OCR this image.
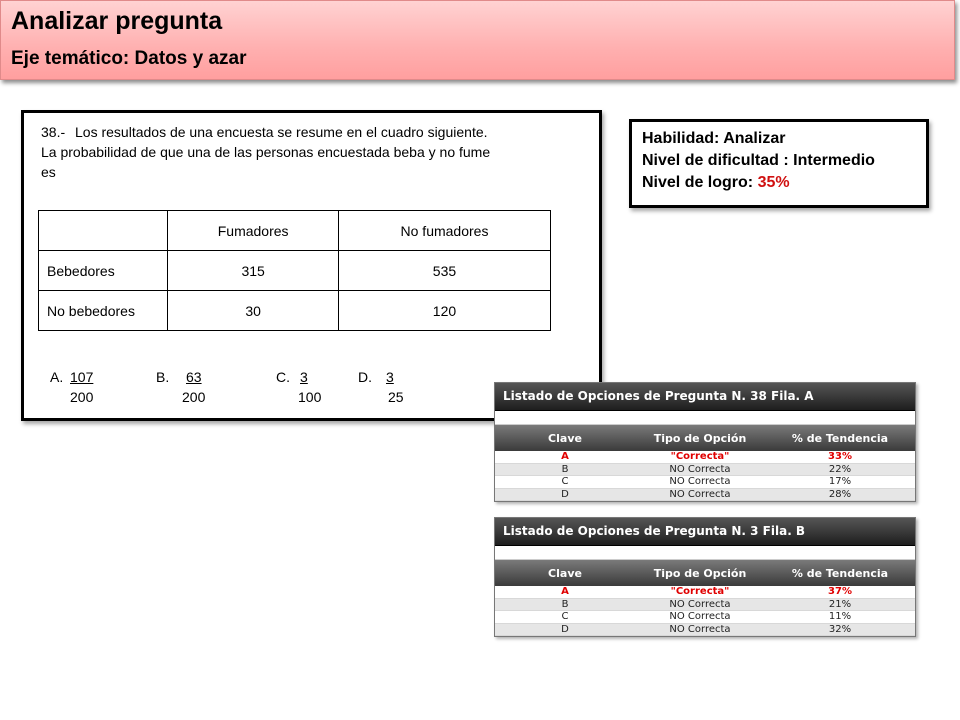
Analizar pregunta
Eje temático: Datos y azar
38.- Los resultados de una encuesta se resume en el cuadro siguiente.
La probabilidad de que una de las personas encuestada beba y no fume
es
	Fumadores	No fumadores
Bebedores	315	535
No bebedores	30	120
A. 107
200
B. 63
200
C. 3
100
D. 3
25
Habilidad: Analizar
Nivel de dificultad : Intermedio
Nivel de logro: 35%
Listado de Opciones de Pregunta N. 38 Fila. A
Clave	Tipo de Opción	% de Tendencia
A	"Correcta"	33%
B	NO Correcta	22%
C	NO Correcta	17%
D	NO Correcta	28%
Listado de Opciones de Pregunta N. 3 Fila. B
Clave	Tipo de Opción	% de Tendencia
A	"Correcta"	37%
B	NO Correcta	21%
C	NO Correcta	11%
D	NO Correcta	32%
